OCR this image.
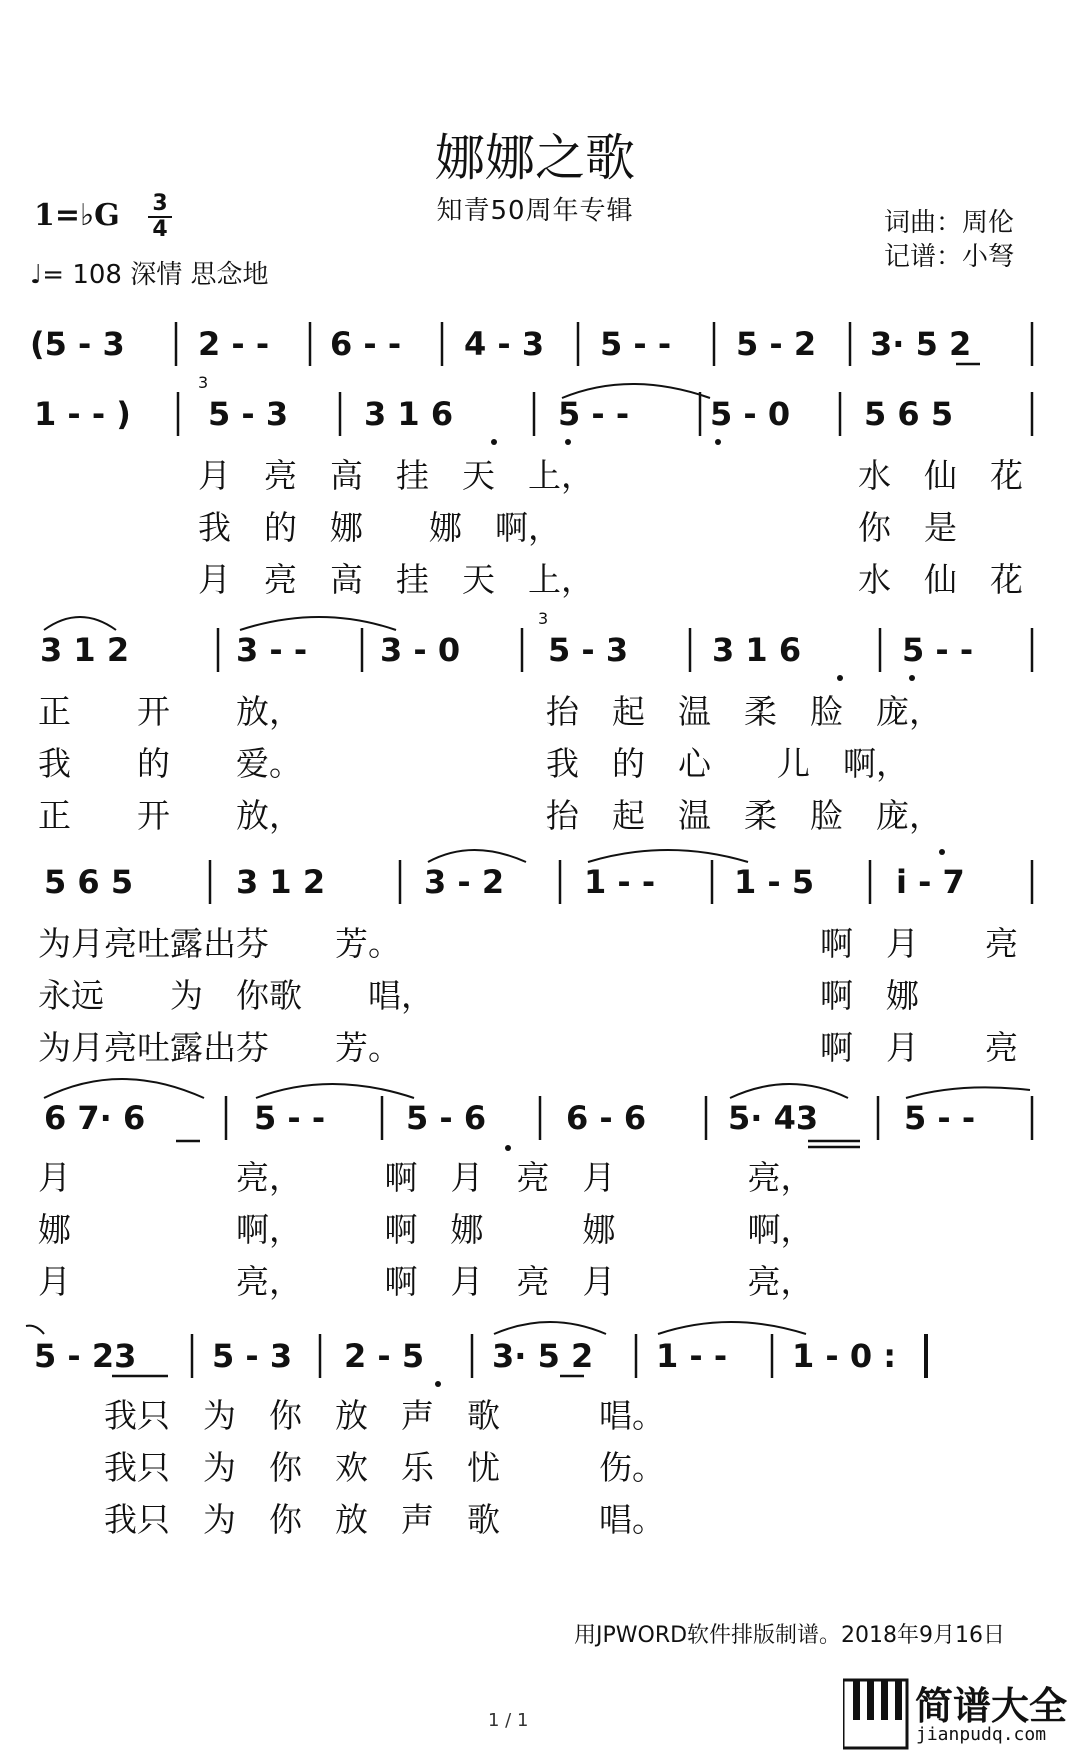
娜娜之歌
知青50周年专辑
1=♭G 3
4
♩= 108 深情 思念地
词曲：周伦
记谱：小弩
(5 - 3 2 - - 6 - - 4 - 3 5 - - 5 - 2 3· 5 2
1 - - ) 5 - 3 3 1 6	5 - -	5 - 0 5 6 5
3 1 2	3 - - 3 - 0	5 - 3	3 1 6	5 - -
5 6 5	3 1 2	3 - 2 1 - - 1 - 5	i - 7
6 7· 6	5 - -	5 - 6 6 - 6	5· 43	5 - -
5 - 23 5 - 3 2 - 5 3· 5 2 1 - - 1 - 0 :
3
3
月　亮　高　挂　天　上，
我　的　娜　　娜　啊，
月　亮　高　挂　天　上，
水　仙　花
你　是
水　仙　花
正　　开　　放，
我　　的　　爱。
正　　开　　放，
抬　起　温　柔　脸　庞，
我　的　心　　儿　啊，
抬　起　温　柔　脸　庞，
为月亮吐露出芬　　芳。
永远　　为　你歌　　唱，
为月亮吐露出芬　　芳。
啊　月　　亮
啊　娜
啊　月　　亮
月　　　　　亮，　　　啊　月　亮　月　　　　亮，
娜　　　　　啊，　　　啊　娜　　　娜　　　　啊，
月　　　　　亮，　　　啊　月　亮　月　　　　亮，
我只　为　你　放　声　歌　　　唱。
我只　为　你　欢　乐　忧　　　伤。
我只　为　你　放　声　歌　　　唱。
用JPWORD软件排版制谱。2018年9月16日
1 / 1	简谱大全
jianpudq.com
